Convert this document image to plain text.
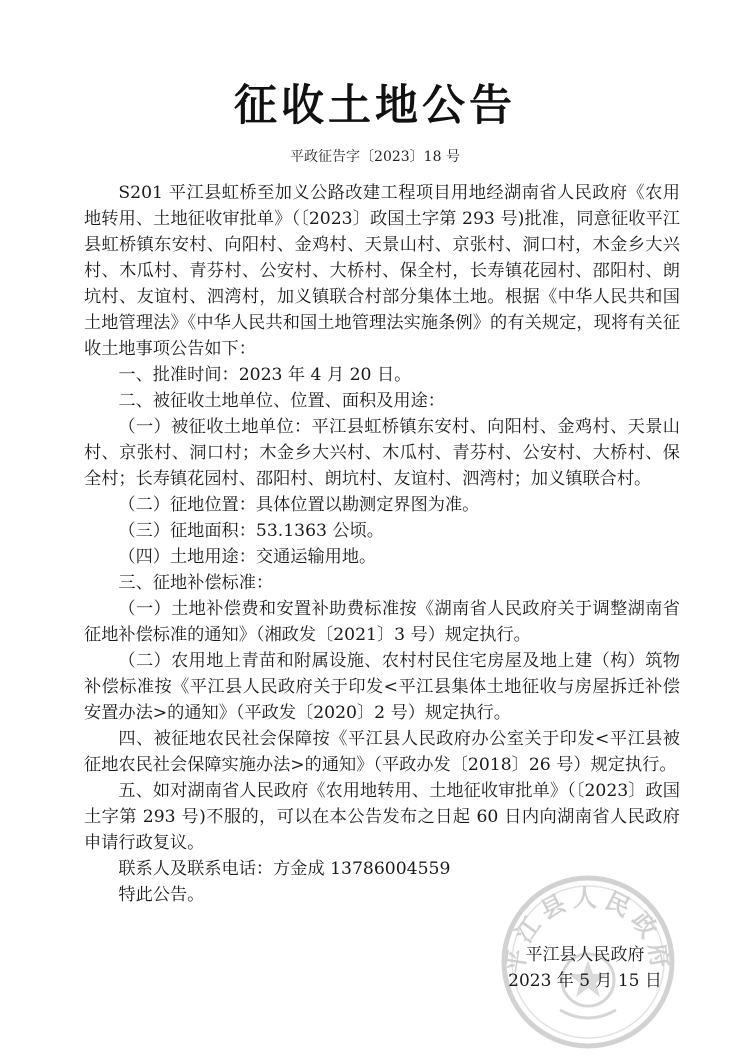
征收土地公告
平政征告字〔2023〕18 号
平江县人民政府

S201 平江县虹桥至加义公路改建工程项目用地经湖南省人民政府《农用地转用、土地征收审批单》（〔2023〕政国土字第 293 号)批准，同意征收平江县虹桥镇东安村、向阳村、金鸡村、天景山村、京张村、洞口村，木金乡大兴村、木瓜村、青芬村、公安村、大桥村、保全村，长寿镇花园村、邵阳村、朗坑村、友谊村、泗湾村，加义镇联合村部分集体土地。根据《中华人民共和国土地管理法》《中华人民共和国土地管理法实施条例》的有关规定，现将有关征收土地事项公告如下：

一、批准时间：2023 年 4 月 20 日。

二、被征收土地单位、位置、面积及用途：

（一）被征收土地单位：平江县虹桥镇东安村、向阳村、金鸡村、天景山村、京张村、洞口村；木金乡大兴村、木瓜村、青芬村、公安村、大桥村、保全村；长寿镇花园村、邵阳村、朗坑村、友谊村、泗湾村；加义镇联合村。

（二）征地位置：具体位置以勘测定界图为准。

（三）征地面积：53.1363 公顷。

（四）土地用途：交通运输用地。

三、征地补偿标准：

（一）土地补偿费和安置补助费标准按《湖南省人民政府关于调整湖南省征地补偿标准的通知》（湘政发〔2021〕3 号）规定执行。

（二）农用地上青苗和附属设施、农村村民住宅房屋及地上建（构）筑物补偿标准按《平江县人民政府关于印发<平江县集体土地征收与房屋拆迁补偿安置办法>的通知》（平政发〔2020〕2 号）规定执行。

四、被征地农民社会保障按《平江县人民政府办公室关于印发<平江县被征地农民社会保障实施办法>的通知》（平政办发〔2018〕26 号）规定执行。

五、如对湖南省人民政府《农用地转用、土地征收审批单》（〔2023〕政国土字第 293 号)不服的，可以在本公告发布之日起 60 日内向湖南省人民政府申请行政复议。

联系人及联系电话：方金成 13786004559

特此公告。

平江县人民政府
2023 年 5 月 15 日
